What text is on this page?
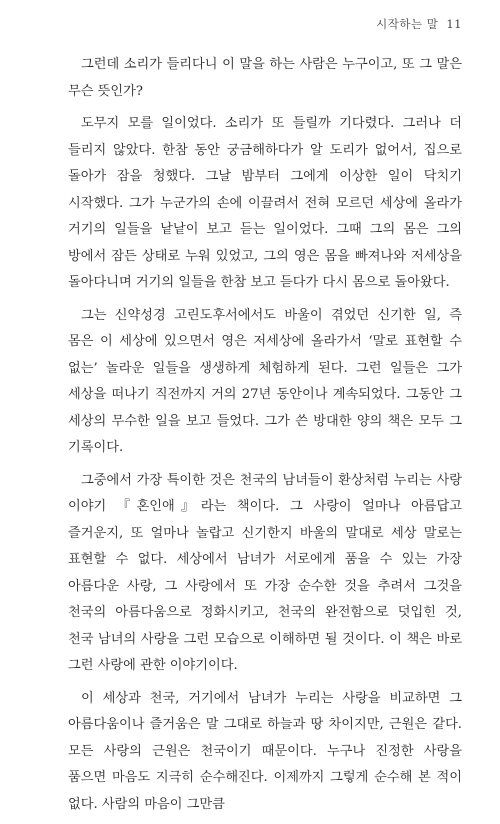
시작하는 말 11

그런데 소리가 들리다니 이 말을 하는 사람은 누구이고, 또 그 말은 무슨 뜻인가?

도무지 모를 일이었다. 소리가 또 들릴까 기다렸다. 그러나 더 들리지 않았다. 한참 동안 궁금해하다가 알 도리가 없어서, 집으로 돌아가 잠을 청했다. 그날 밤부터 그에게 이상한 일이 닥치기 시작했다. 그가 누군가의 손에 이끌려서 전혀 모르던 세상에 올라가 거기의 일들을 낱낱이 보고 듣는 일이었다. 그때 그의 몸은 그의 방에서 잠든 상태로 누워 있었고, 그의 영은 몸을 빠져나와 저세상을 돌아다니며 거기의 일들을 한참 보고 듣다가 다시 몸으로 돌아왔다.

그는 신약성경 고린도후서에서도 바울이 겪었던 신기한 일, 즉 몸은 이 세상에 있으면서 영은 저세상에 올라가서 ‘말로 표현할 수 없는’ 놀라운 일들을 생생하게 체험하게 된다. 그런 일들은 그가 세상을 떠나기 직전까지 거의 27년 동안이나 계속되었다. 그동안 그 세상의 무수한 일을 보고 들었다. 그가 쓴 방대한 양의 책은 모두 그 기록이다.

그중에서 가장 특이한 것은 천국의 남녀들이 환상처럼 누리는 사랑 이야기 『혼인애』라는 책이다. 그 사랑이 얼마나 아름답고 즐거운지, 또 얼마나 놀랍고 신기한지 바울의 말대로 세상 말로는 표현할 수 없다. 세상에서 남녀가 서로에게 품을 수 있는 가장 아름다운 사랑, 그 사랑에서 또 가장 순수한 것을 추려서 그것을 천국의 아름다움으로 정화시키고, 천국의 완전함으로 덧입힌 것, 천국 남녀의 사랑을 그런 모습으로 이해하면 될 것이다. 이 책은 바로 그런 사랑에 관한 이야기이다.

이 세상과 천국, 거기에서 남녀가 누리는 사랑을 비교하면 그 아름다움이나 즐거움은 말 그대로 하늘과 땅 차이지만, 근원은 같다. 모든 사랑의 근원은 천국이기 때문이다. 누구나 진정한 사랑을 품으면 마음도 지극히 순수해진다. 이제까지 그렇게 순수해 본 적이 없다. 사람의 마음이 그만큼
